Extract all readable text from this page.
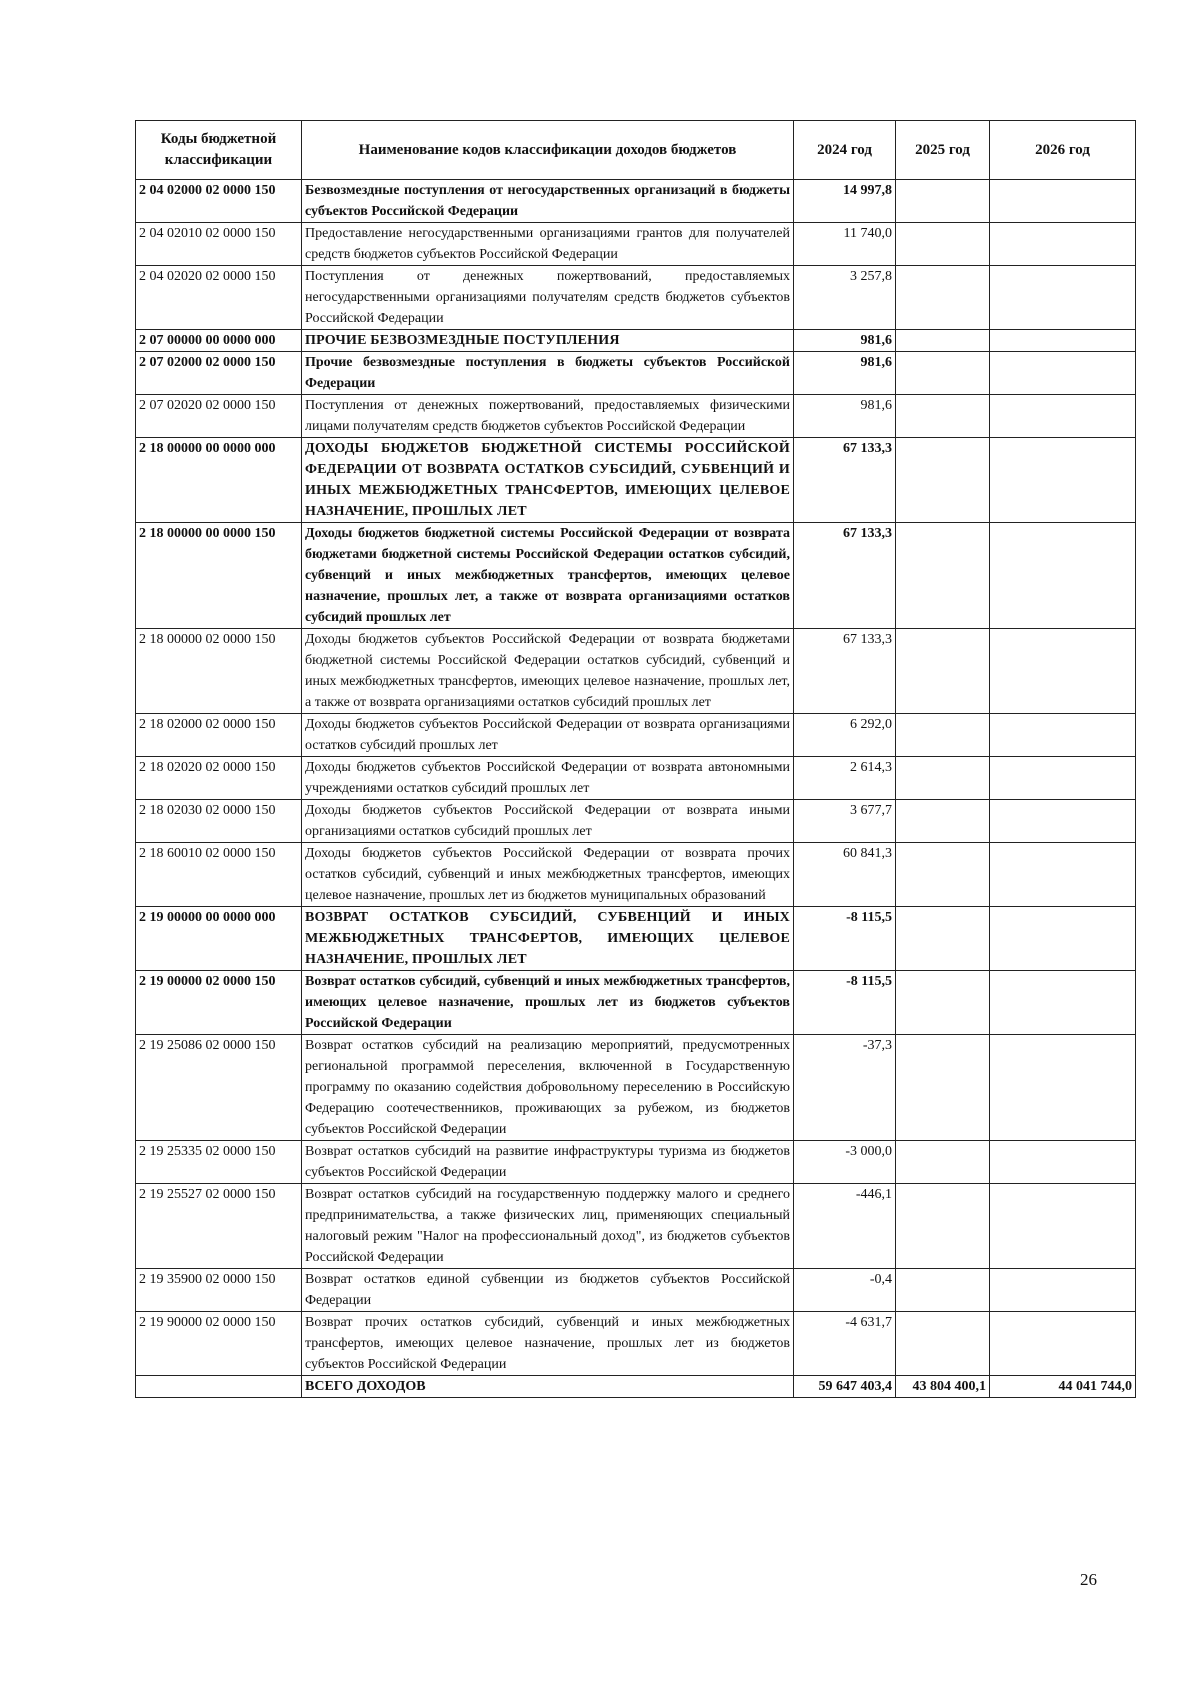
Коды бюджетной классификации	Наименование кодов классификации доходов бюджетов	2024 год	2025 год	2026 год
2 04 02000 02 0000 150	Безвозмездные поступления от негосударственных организаций в бюджеты субъектов Российской Федерации	14 997,8		
2 04 02010 02 0000 150	Предоставление негосударственными организациями грантов для получателей средств бюджетов субъектов Российской Федерации	11 740,0		
2 04 02020 02 0000 150	Поступления от денежных пожертвований, предоставляемых негосударственными организациями получателям средств бюджетов субъектов Российской Федерации	3 257,8		
2 07 00000 00 0000 000	ПРОЧИЕ БЕЗВОЗМЕЗДНЫЕ ПОСТУПЛЕНИЯ	981,6		
2 07 02000 02 0000 150	Прочие безвозмездные поступления в бюджеты субъектов Российской Федерации	981,6		
2 07 02020 02 0000 150	Поступления от денежных пожертвований, предоставляемых физическими лицами получателям средств бюджетов субъектов Российской Федерации	981,6		
2 18 00000 00 0000 000	ДОХОДЫ БЮДЖЕТОВ БЮДЖЕТНОЙ СИСТЕМЫ РОССИЙСКОЙ ФЕДЕРАЦИИ ОТ ВОЗВРАТА ОСТАТКОВ СУБСИДИЙ, СУБВЕНЦИЙ И ИНЫХ МЕЖБЮДЖЕТНЫХ ТРАНСФЕРТОВ, ИМЕЮЩИХ ЦЕЛЕВОЕ НАЗНАЧЕНИЕ, ПРОШЛЫХ ЛЕТ	67 133,3		
2 18 00000 00 0000 150	Доходы бюджетов бюджетной системы Российской Федерации от возврата бюджетами бюджетной системы Российской Федерации остатков субсидий, субвенций и иных межбюджетных трансфертов, имеющих целевое назначение, прошлых лет, а также от возврата организациями остатков субсидий прошлых лет	67 133,3		
2 18 00000 02 0000 150	Доходы бюджетов субъектов Российской Федерации от возврата бюджетами бюджетной системы Российской Федерации остатков субсидий, субвенций и иных межбюджетных трансфертов, имеющих целевое назначение, прошлых лет, а также от возврата организациями остатков субсидий прошлых лет	67 133,3		
2 18 02000 02 0000 150	Доходы бюджетов субъектов Российской Федерации от возврата организациями остатков субсидий прошлых лет	6 292,0		
2 18 02020 02 0000 150	Доходы бюджетов субъектов Российской Федерации от возврата автономными учреждениями остатков субсидий прошлых лет	2 614,3		
2 18 02030 02 0000 150	Доходы бюджетов субъектов Российской Федерации от возврата иными организациями остатков субсидий прошлых лет	3 677,7		
2 18 60010 02 0000 150	Доходы бюджетов субъектов Российской Федерации от возврата прочих остатков субсидий, субвенций и иных межбюджетных трансфертов, имеющих целевое назначение, прошлых лет из бюджетов муниципальных образований	60 841,3		
2 19 00000 00 0000 000	ВОЗВРАТ ОСТАТКОВ СУБСИДИЙ, СУБВЕНЦИЙ И ИНЫХ МЕЖБЮДЖЕТНЫХ ТРАНСФЕРТОВ, ИМЕЮЩИХ ЦЕЛЕВОЕ НАЗНАЧЕНИЕ, ПРОШЛЫХ ЛЕТ	-8 115,5		
2 19 00000 02 0000 150	Возврат остатков субсидий, субвенций и иных межбюджетных трансфертов, имеющих целевое назначение, прошлых лет из бюджетов субъектов Российской Федерации	-8 115,5		
2 19 25086 02 0000 150	Возврат остатков субсидий на реализацию мероприятий, предусмотренных региональной программой переселения, включенной в Государственную программу по оказанию содействия добровольному переселению в Российскую Федерацию соотечественников, проживающих за рубежом, из бюджетов субъектов Российской Федерации	-37,3		
2 19 25335 02 0000 150	Возврат остатков субсидий на развитие инфраструктуры туризма из бюджетов субъектов Российской Федерации	-3 000,0		
2 19 25527 02 0000 150	Возврат остатков субсидий на государственную поддержку малого и среднего предпринимательства, а также физических лиц, применяющих специальный налоговый режим "Налог на профессиональный доход", из бюджетов субъектов Российской Федерации	-446,1		
2 19 35900 02 0000 150	Возврат остатков единой субвенции из бюджетов субъектов Российской Федерации	-0,4		
2 19 90000 02 0000 150	Возврат прочих остатков субсидий, субвенций и иных межбюджетных трансфертов, имеющих целевое назначение, прошлых лет из бюджетов субъектов Российской Федерации	-4 631,7		
	ВСЕГО ДОХОДОВ	59 647 403,4	43 804 400,1	44 041 744,0
26
